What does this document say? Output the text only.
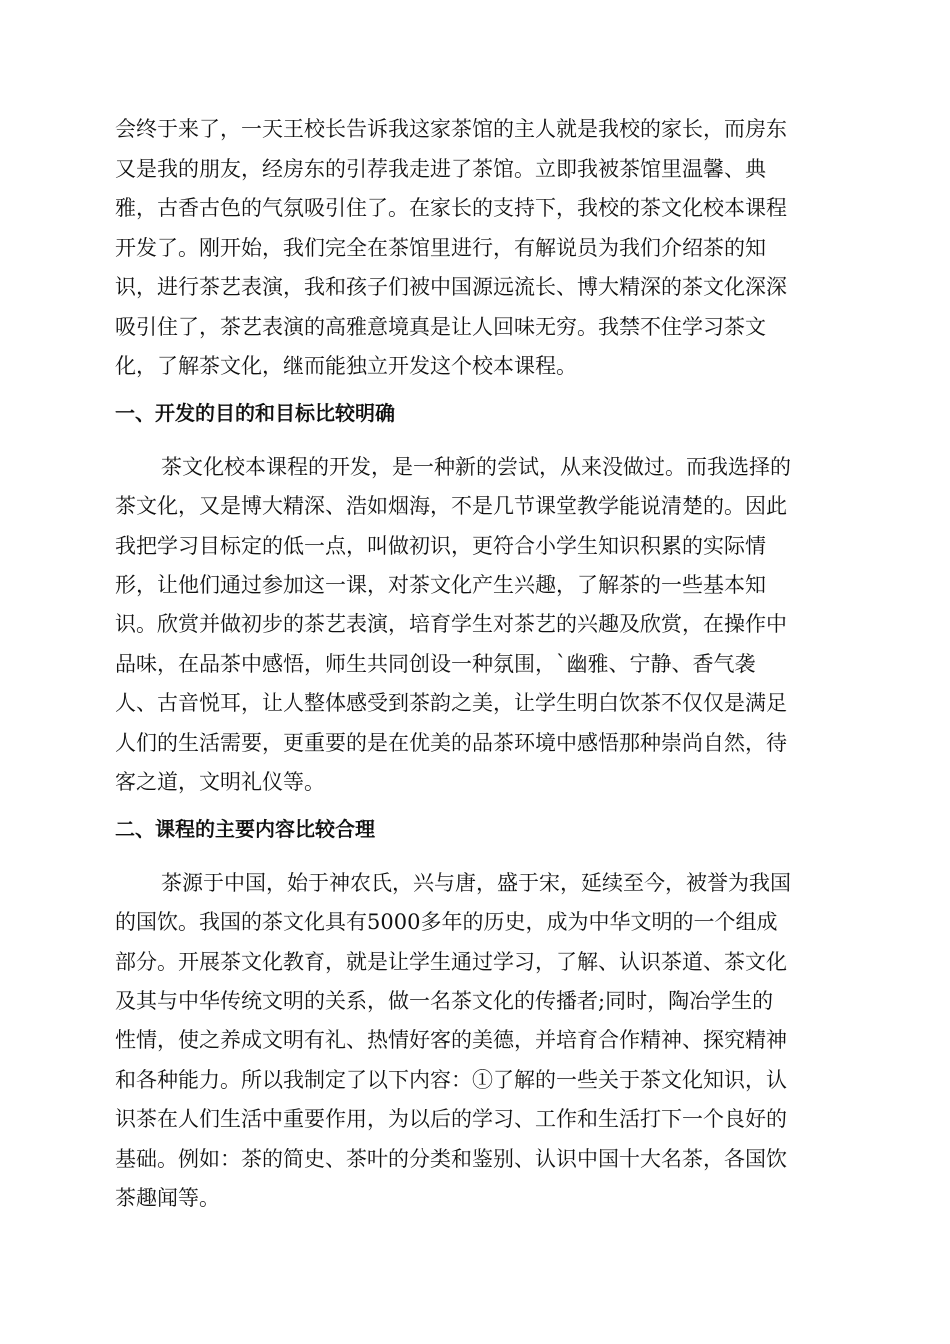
会终于来了，一天王校长告诉我这家茶馆的主人就是我校的家长，而房东
又是我的朋友，经房东的引荐我走进了茶馆。立即我被茶馆里温馨、典
雅，古香古色的气氛吸引住了。在家长的支持下，我校的茶文化校本课程
开发了。刚开始，我们完全在茶馆里进行，有解说员为我们介绍茶的知
识，进行茶艺表演，我和孩子们被中国源远流长、博大精深的茶文化深深
吸引住了，茶艺表演的高雅意境真是让人回味无穷。我禁不住学习茶文
化，了解茶文化，继而能独立开发这个校本课程。
一、开发的目的和目标比较明确
茶文化校本课程的开发，是一种新的尝试，从来没做过。而我选择的
茶文化，又是博大精深、浩如烟海，不是几节课堂教学能说清楚的。因此
我把学习目标定的低一点，叫做初识，更符合小学生知识积累的实际情
形，让他们通过参加这一课，对茶文化产生兴趣，了解茶的一些基本知
识。欣赏并做初步的茶艺表演，培育学生对茶艺的兴趣及欣赏，在操作中
品味，在品茶中感悟，师生共同创设一种氛围，`幽雅、宁静、香气袭
人、古音悦耳，让人整体感受到茶韵之美，让学生明白饮茶不仅仅是满足
人们的生活需要，更重要的是在优美的品茶环境中感悟那种崇尚自然，待
客之道，文明礼仪等。
二、课程的主要内容比较合理
茶源于中国，始于神农氏，兴与唐，盛于宋，延续至今，被誉为我国
的国饮。我国的茶文化具有5000多年的历史，成为中华文明的一个组成
部分。开展茶文化教育，就是让学生通过学习，了解、认识茶道、茶文化
及其与中华传统文明的关系，做一名茶文化的传播者;同时，陶冶学生的
性情，使之养成文明有礼、热情好客的美德，并培育合作精神、探究精神
和各种能力。所以我制定了以下内容：①了解的一些关于茶文化知识，认
识茶在人们生活中重要作用，为以后的学习、工作和生活打下一个良好的
基础。例如：茶的简史、茶叶的分类和鉴别、认识中国十大名茶，各国饮
茶趣闻等。
